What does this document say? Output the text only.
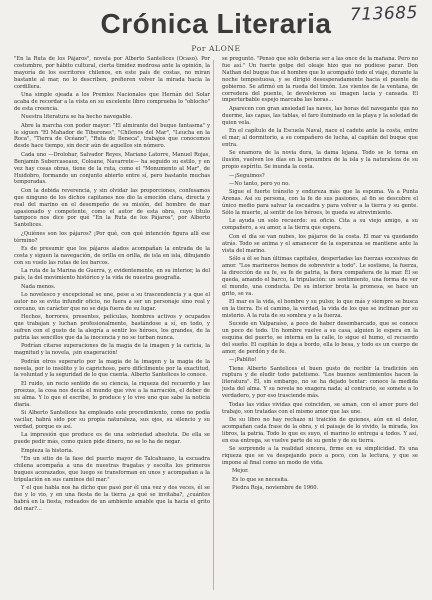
713685
Crónica Literaria
Por ALONE

"En la Ruta de los Pájaros", novela por Alberto Santelices (Ocaso). Por costumbre, por hábito cultural, cierta timidez medrosa ante la opinión, la mayoría de los escritores chilenos, en este país de costas, no miran bastante al mar, no lo describen, prefieren volver la mirada hacia la cordillera.

Una simple ojeada a los Premios Nacionales que Hernán del Solar acaba de recordar a la vista en su excelente libro comprueba lo "oblocho" de esta creencia.

Nuestra literatura se ha hecho navegable.

Abre la marcha con poder mayor: "El almirante del buque fantasma" y le siguen "El Mahador de Tiburones", "Chilenos del Mar", "Leucha en la Roca", "Tierra de Océano", "Ruta de Ileneca", trabajos que conocemos desde hace tiempo, sin decir aún de aquellos sin número.

Cada uno —Drolobar, Salvador Reyes, Mariano Latorre, Manuel Rojas, Benjamín Subercaseaux, Coloane, Navarrete— ha seguido su estilo, y en vez hay cosas obras, tiene de la ruta, como el "Monumento al Mar", de Huidobro, formando un conjunto abierto entre sí, pero bastante muchas temporadas.

Con la debida reverencia, y sin olvidar las proporciones, confesamos que ninguno de los dichos capitanes nos dio la emoción clara, directa y real del marino en el desempeño de su misión, del hombre de mar apasionado y competente, como el autor de esta obra, cuyo título tampoco nos dice por qué "En la Ruta de los Pájaros", por Alberto Santelices.

¿Quiénes son los pájaros? ¡Por qué, con qué intención figura allí ese término?

Es de presumir que los pájaros alados acompañan la entrada de la costa y siguen la navegación, de orilla en orilla, de isla en isla, dibujando con su vuelo las rutas de los barcos.

La ruta de la Marina de Guerra, y, evidentemente, en su interior, la del país, la del movimiento histórico y la vida de nuestra geografía.

Nada menos.

Lo novelesco y excepcional se une, pese a su trascendencia y a que el autor no se evita infundir oficio, no fuera a ser un personaje sino real y cercano, un carácter que no se deja fuera de su lugar.

Hechos, horrores, presentes, películas, hombres activos y ocupados que trabajan y luchan profesionalmente, bastándose a sí, en todo, y sufren con el gusto de la alegría a sentir los héroes, los grandes, de la patria las sencillos que da la inocencia y no se turban nunca.

Podrían citarse superaciones de la magia de la imagen y la caricia, la magnitud y la novela, ¡sin exageración!

Podrán otros superarlo por la magia de la imagen y la magia de la novela, por lo insólito y lo caprichoso, pero difícilmente por la exactitud, la voluntad y la seguridad de lo que cuenta. Alberto Santelices lo conoce.

El ruido, un recio sentido de su ciencia, la riqueza del recuerdo y las proezas, la cosa nos decía el mundo que vive a la narración, el deber de su alma. Y lo que el escribe, lo produce y lo vive uno que sabe la noticia diaria.

Si Alberto Santelices ha empleado este procedimiento, como no podía vacilar, habrá sido por su propia naturaleza, sus ojos, su silencio y su verdad, porque es así.

La impresión que produce es de una sobriedad absoluta. De ella se puede pedir más, como quien pide dinero, no se lo ha de negar.

Empieza la historia.

"En un sitio de la fase del puerto mayor de Talcahuano, la escuadra chilena acompaña a una de nuestras fragatas y escolta los primeros buques acorazados, que luego se transforman en unos y acompañan a la tripulación en sus caminos del mar."

Y el que habla nos ha dicho que pasó por él una vez y dos veces, él se fue y lo vio, y en una fiesta de la tierra ¿a qué se invitaba?, ¿cuántos habrá en la fiesta, rodeados de un ambiente amable que la hacía el grito del mar?...

se preguntó. "Pensó que sólo debería ser a las once de la mañana. Pero no fue así." Un fuerte golpe del oleaje hizo que no pudiese parar. Don Nathan del buque fue el hombre que lo acompañó todo el viaje, durante la noche tempestuosa, y se dirigió desesperadamente hacia el puente de gobierno. Se afirmó en la rueda del timón. Los vientos de la ventana, de corredera del puente, le devolvieron su imagen lacia y cansada. El imperturbable espejo marcaba las horas...

Aparecen con gran ansiedad las naves, las horas del navegante que no duerme, las capas, las tablas, el faro iluminado en la playa y la soledad de quien vela.

En el capítulo de la Escuela Naval, nace el cadete ante la costa, entre el mar, al dormitorio, a su compañero de lucha, al capitán del buque que entra.

Se enamora de la novia dura, la dama lejana. Todo se le torna en ilusión, vuelven los días en la penumbra de la isla y la naturaleza de su propio espíritu. Se inunda la costa.

—¡Seguimos?

—No tanto, pero yo no.

Sigue el fuerte tránsito y endureza más que la espuma. Va a Punta Arenas. Así su persona, con la fe de sus pasiones, al fin se descubre el único medio para salvar la escuadra y para volver a la tierra y su gente. Sólo la muerte, al sentir de los héroes, le queda su atrevimiento.

Le ayuda un solo recuerdo: su oficio. Cita a su viejo amigo, a su compañero, a su amor, a la tierra que espera.

Con el día se van nubes, los pájaros de la costa. El mar va quedando atrás. Todo se anima y el amanecer de la esperanza se mantiene ante la vista del marino.

Sólo a él se han últimas capitales, despertadas las fuerzas excesivas de amor. "Los marineros hemos de sobrevivir a todo". Le sostiene, la fuerza, la dirección de su fe, su fe de patria, la fiera compañera de la mar. Él se queda, amando el barco, la tripulación: un sentimiento, una forma de ver el mundo, una conducta. De su interior brota la promesa, se hace un grito, se va.

El mar es la vida, el hombre y su pulso; lo que más y siempre se busca en la tierra. Es el camino, la verdad, la vida de los que se inclinan por su misterio. A la ruta de su sombra y a la fuerza.

Sucede en Valparaíso, a poco de haber desembarcado, que se conoce un poco de todo. Un hombre vuelve a su casa, alguien le espera en la esquina del puerto, se interna en la calle, lo sigue el humo, el recuerdo del sueño. El capitán lo deja a bordo, ella lo besa, y todo es un cuerpo de amor, de perdón y de fe.

—¡Pablito!

Tiene Alberto Santelices el buen gusto de recibir la tradición sin ruptura y de eludir todo patetismo. "Los buenos sentimientos hacen la literatura". Él, sin embargo, no se ha dejado tentar: conoce la medida justa del alma. Y su novela no exagera nada; al contrario, se somete a lo verdadero, y por eso trasciende más.

Todas las vidas vividas que coinciden, se aman, con el amor puro del trabajo, son tratadas con el mismo amor que las une.

De su libro no hay rechazo ni traición de quienes, aún en el dolor, acompañan cada frase de la obra, y el paisaje de lo vivido, la mirada, los libros, la patria. Todo lo que es suyo, el marino lo entrega a todos. Y así, en esa entrega, se vuelve parte de su gente y de su tierra.

Se sorprende a la realidad sincera, firme en su simplicidad. Es una riqueza que se va despejando poco a poco, con la lectura, y que se impone al final como un modo de vida.

Mejor.

Es lo que se necesita.

Piedra Roja, noviembre de 1960.
